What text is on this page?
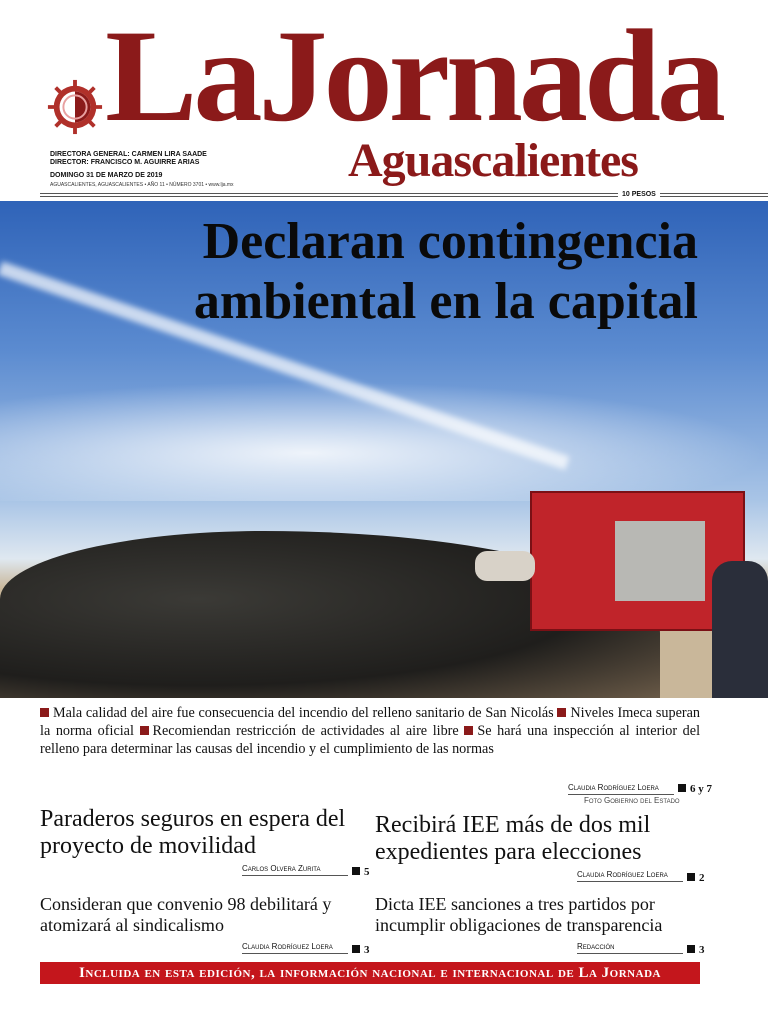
LaJornada
Aguascalientes
DIRECTORA GENERAL: CARMEN LIRA SAADE
DIRECTOR: FRANCISCO M. AGUIRRE ARIAS
DOMINGO 31 DE MARZO DE 2019
AGUASCALIENTES, AGUASCALIENTES • AÑO 11 • NÚMERO 3701 • www.lja.mx
10 PESOS
Declaran contingencia
ambiental en la capital
Mala calidad del aire fue consecuencia del incendio del relleno sanitario de San Nicolás Niveles Imeca superan la norma oficial Recomiendan restricción de actividades al aire libre Se hará una inspección al interior del relleno para determinar las causas del incendio y el cumplimiento de las normas
Claudia Rodríguez Loera	6 y 7
Foto Gobierno del Estado
Paraderos seguros en espera del proyecto de movilidad
Carlos Olvera Zurita	5
Recibirá IEE más de dos mil expedientes para elecciones
Claudia Rodríguez Loera	2
Consideran que convenio 98 debilitará y atomizará al sindicalismo
Claudia Rodríguez Loera	3
Dicta IEE sanciones a tres partidos por incumplir obligaciones de transparencia
Redacción	3
Incluida en esta edición, la información nacional e internacional de La Jornada
